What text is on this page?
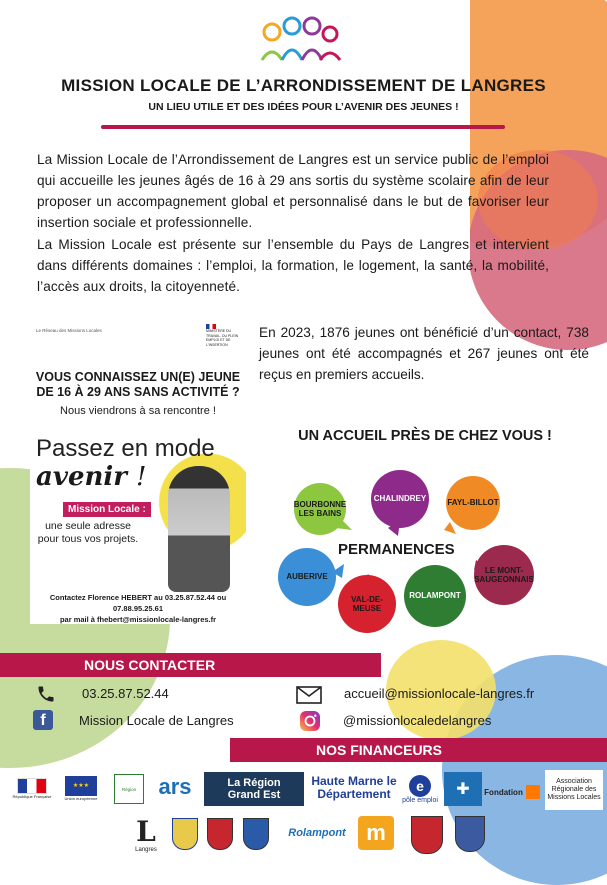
MISSION LOCALE DE L’ARRONDISSEMENT DE LANGRES
UN LIEU UTILE ET DES IDÉES POUR L’AVENIR DES JEUNES !
La Mission Locale de l’Arrondissement de Langres est un service public de l’emploi qui accueille les jeunes âgés de 16 à 29 ans sortis du système scolaire afin de leur proposer un accompagnement global et personnalisé dans le but de favoriser leur insertion sociale et professionnelle.
La Mission Locale est présente sur l’ensemble du Pays de Langres et intervient dans différents domaines : l’emploi, la formation, le logement, la santé, la mobilité, l’accès aux droits, la citoyenneté.
Le Réseau des Missions Locales	MINISTÈRE DU TRAVAIL, DU PLEIN EMPLOI ET DE L'INSERTION
VOUS CONNAISSEZ UN(E) JEUNE DE 16 À 29 ANS SANS ACTIVITÉ ?
Nous viendrons à sa rencontre !
Passez en mode
avenir !
Mission Locale :
une seule adresse pour tous vos projets.
Contactez Florence HEBERT au 03.25.87.52.44 ou 07.88.95.25.61
par mail à fhebert@missionlocale-langres.fr
En 2023, 1876 jeunes ont bénéficié d’un contact, 738 jeunes ont été accompagnés et 267 jeunes ont été reçus en premiers accueils.
UN ACCUEIL PRÈS DE CHEZ VOUS !
BOURBONNE LES BAINS
CHALINDREY	FAYL-BILLOT
PERMANENCES
AUBERIVE
VAL-DE-MEUSE
ROLAMPONT
LE MONT-SAUGEONNAIS
NOUS CONTACTER
03.25.87.52.44	accueil@missionlocale-langres.fr
f	Mission Locale de Langres	@missionlocaledelangres
NOS FINANCEURS
République Française
★★★
Union européenne
Région ars	La Région Grand Est
Haute Marne le Département
e
pôle emploi
✚ Fondation
Association Régionale des Missions Locales
L
Langres
Rolampont m
